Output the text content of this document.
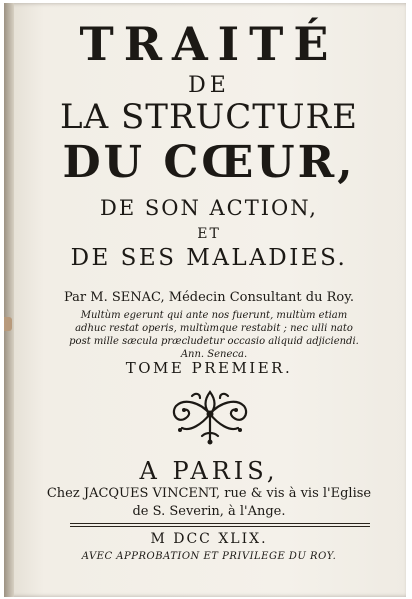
TRAITÉ
DE
LA STRUCTURE
DU CŒUR,
DE SON ACTION,
ET
DE SES MALADIES.
Par M. SENAC, Médecin Consultant du Roy.
Multùm egerunt qui ante nos fuerunt, multùm etiam adhuc restat operis, multùmque restabit ; nec ulli nato post mille sæcula præcludetur occasio aliquid adjiciendi. Ann. Seneca.
TOME PREMIER.
A PARIS,
Chez JACQUES VINCENT, rue & vis à vis l'Eglise
de S. Severin, à l'Ange.
M DCC XLIX.
AVEC APPROBATION ET PRIVILEGE DU ROY.
